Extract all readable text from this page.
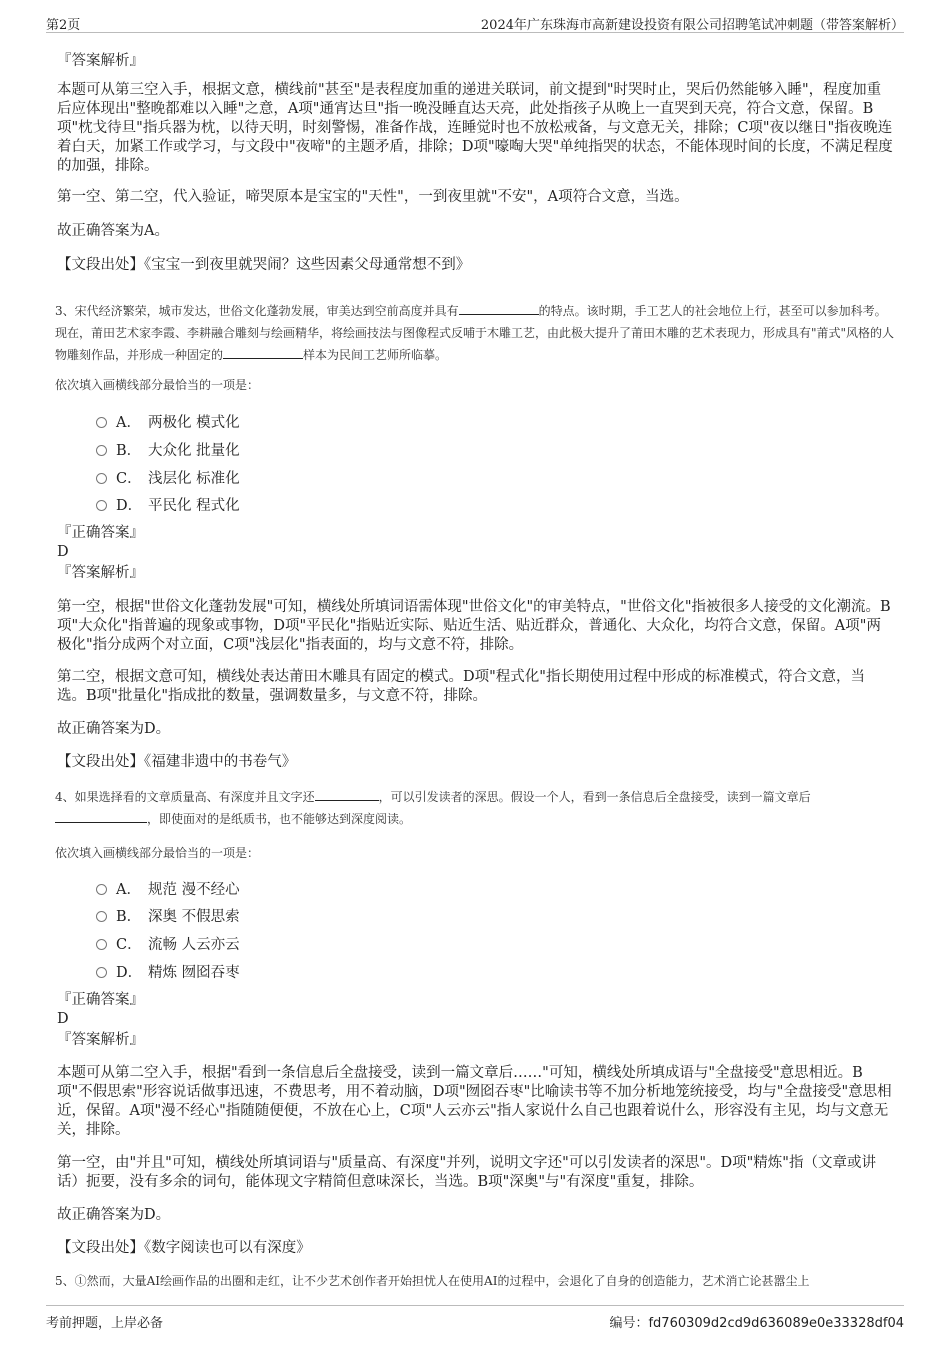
第2页	2024年广东珠海市高新建设投资有限公司招聘笔试冲刺题（带答案解析）
『答案解析』
本题可从第三空入手，根据文意，横线前"甚至"是表程度加重的递进关联词，前文提到"时哭时止，哭后仍然能够入睡"，程度加重后应体现出"整晚都难以入睡"之意，A项"通宵达旦"指一晚没睡直达天亮，此处指孩子从晚上一直哭到天亮，符合文意，保留。B项"枕戈待旦"指兵器为枕，以待天明，时刻警惕，准备作战，连睡觉时也不放松戒备，与文意无关，排除；C项"夜以继日"指夜晚连着白天，加紧工作或学习，与文段中"夜啼"的主题矛盾，排除；D项"嚎啕大哭"单纯指哭的状态，不能体现时间的长度，不满足程度的加强，排除。
第一空、第二空，代入验证，啼哭原本是宝宝的"天性"，一到夜里就"不安"，A项符合文意，当选。
故正确答案为A。
【文段出处】《宝宝一到夜里就哭闹？这些因素父母通常想不到》
3、宋代经济繁荣，城市发达，世俗文化蓬勃发展，审美达到空前高度并具有	的特点。该时期，手工艺人的社会地位上行，甚至可以参加科考。现在，莆田艺术家李霞、李耕融合雕刻与绘画精华，将绘画技法与图像程式反哺于木雕工艺，由此极大提升了莆田木雕的艺术表现力，形成具有"莆式"风格的人物雕刻作品，并形成一种固定的	样本为民间工艺师所临摹。
依次填入画横线部分最恰当的一项是：
A． 两极化 模式化
B． 大众化 批量化
C． 浅层化 标准化
D． 平民化 程式化
『正确答案』
D
『答案解析』
第一空，根据"世俗文化蓬勃发展"可知，横线处所填词语需体现"世俗文化"的审美特点，"世俗文化"指被很多人接受的文化潮流。B项"大众化"指普遍的现象或事物，D项"平民化"指贴近实际、贴近生活、贴近群众，普通化、大众化，均符合文意，保留。A项"两极化"指分成两个对立面，C项"浅层化"指表面的，均与文意不符，排除。
第二空，根据文意可知，横线处表达莆田木雕具有固定的模式。D项"程式化"指长期使用过程中形成的标准模式，符合文意，当选。B项"批量化"指成批的数量，强调数量多，与文意不符，排除。
故正确答案为D。
【文段出处】《福建非遗中的书卷气》
4、如果选择看的文章质量高、有深度并且文字还	，可以引发读者的深思。假设一个人，看到一条信息后全盘接受，读到一篇文章后，即使面对的是纸质书，也不能够达到深度阅读。
依次填入画横线部分最恰当的一项是：
A． 规范 漫不经心
B． 深奥 不假思索
C． 流畅 人云亦云
D． 精炼 囫囵吞枣
『正确答案』
D
『答案解析』
本题可从第二空入手，根据"看到一条信息后全盘接受，读到一篇文章后……"可知，横线处所填成语与"全盘接受"意思相近。B项"不假思索"形容说话做事迅速，不费思考，用不着动脑，D项"囫囵吞枣"比喻读书等不加分析地笼统接受，均与"全盘接受"意思相近，保留。A项"漫不经心"指随随便便，不放在心上，C项"人云亦云"指人家说什么自己也跟着说什么，形容没有主见，均与文意无关，排除。
第一空，由"并且"可知，横线处所填词语与"质量高、有深度"并列，说明文字还"可以引发读者的深思"。D项"精炼"指（文章或讲话）扼要，没有多余的词句，能体现文字精简但意味深长，当选。B项"深奥"与"有深度"重复，排除。
故正确答案为D。
【文段出处】《数字阅读也可以有深度》
5、①然而，大量AI绘画作品的出圈和走红，让不少艺术创作者开始担忧人在使用AI的过程中，会退化了自身的创造能力，艺术消亡论甚嚣尘上
考前押题，上岸必备	编号：fd760309d2cd9d636089e0e33328df04
